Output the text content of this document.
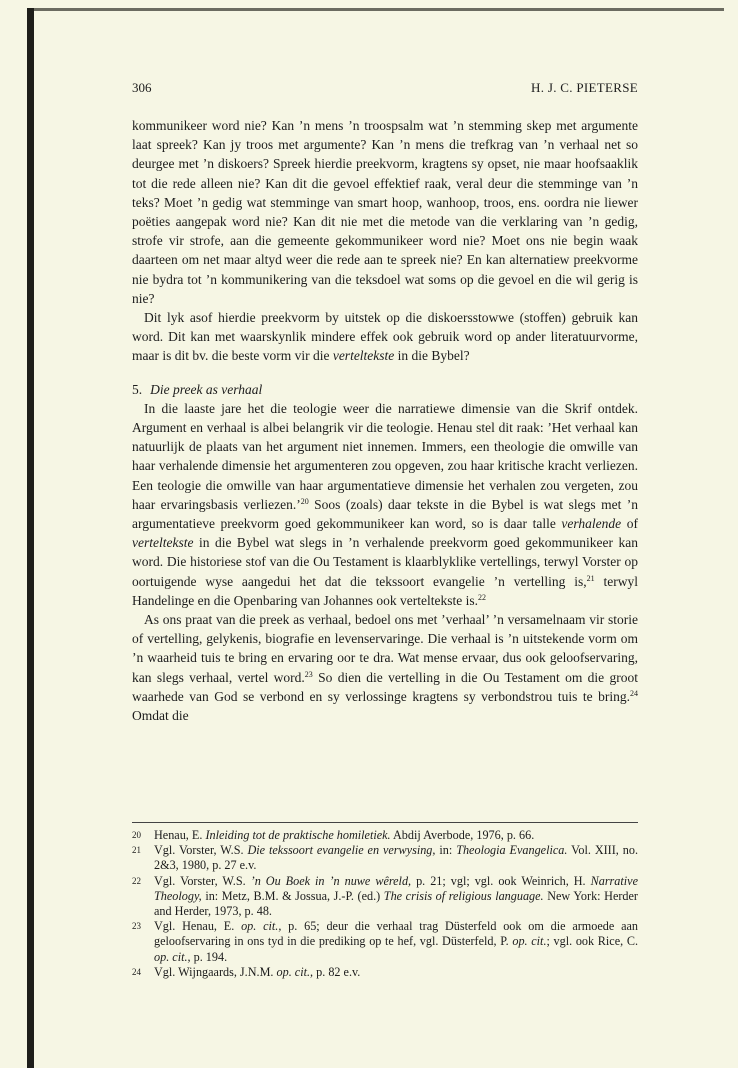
306	H. J. C. PIETERSE

kommunikeer word nie? Kan ’n mens ’n troospsalm wat ’n stemming skep met argumente laat spreek? Kan jy troos met argumente? Kan ’n mens die trefkrag van ’n verhaal net so deurgee met ’n diskoers? Spreek hierdie preekvorm, kragtens sy opset, nie maar hoofsaaklik tot die rede alleen nie? Kan dit die gevoel effektief raak, veral deur die stemminge van ’n teks? Moet ’n gedig wat stemminge van smart hoop, wanhoop, troos, ens. oordra nie liewer poëties aangepak word nie? Kan dit nie met die metode van die verklaring van ’n gedig, strofe vir strofe, aan die gemeente gekommunikeer word nie? Moet ons nie begin waak daarteen om net maar altyd weer die rede aan te spreek nie? En kan alternatiew preekvorme nie bydra tot ’n kommunikering van die teksdoel wat soms op die gevoel en die wil gerig is nie?

Dit lyk asof hierdie preekvorm by uitstek op die diskoersstowwe (stoffen) gebruik kan word. Dit kan met waarskynlik mindere effek ook gebruik word op ander literatuurvorme, maar is dit bv. die beste vorm vir die verteltekste in die Bybel?

5. Die preek as verhaal

In die laaste jare het die teologie weer die narratiewe dimensie van die Skrif ontdek. Argument en verhaal is albei belangrik vir die teologie. Henau stel dit raak: ’Het verhaal kan natuurlijk de plaats van het argument niet innemen. Immers, een theologie die omwille van haar verhalende dimensie het argumenteren zou opgeven, zou haar kritische kracht verliezen. Een teologie die omwille van haar argumentatieve dimensie het verhalen zou vergeten, zou haar ervaringsbasis verliezen.’$^{20}$ Soos (zoals) daar tekste in die Bybel is wat slegs met ’n argumentatieve preekvorm goed gekommunikeer kan word, so is daar talle verhalende of verteltekste in die Bybel wat slegs in ’n verhalende preekvorm goed gekommunikeer kan word. Die historiese stof van die Ou Testament is klaarblyklike vertellings, terwyl Vorster op oortuigende wyse aangedui het dat die tekssoort evangelie ’n vertelling is,$^{21}$ terwyl Handelinge en die Openbaring van Johannes ook verteltekste is.$^{22}$

As ons praat van die preek as verhaal, bedoel ons met ’verhaal’ ’n versamelnaam vir storie of vertelling, gelykenis, biografie en levenservaringe. Die verhaal is ’n uitstekende vorm om ’n waarheid tuis te bring en ervaring oor te dra. Wat mense ervaar, dus ook geloofservaring, kan slegs verhaal, vertel word.$^{23}$ So dien die vertelling in die Ou Testament om die groot waarhede van God se verbond en sy verlossinge kragtens sy verbondstrou tuis te bring.$^{24}$ Omdat die

20 Henau, E. Inleiding tot de praktische homiletiek. Abdij Averbode, 1976, p. 66.

21 Vgl. Vorster, W.S. Die tekssoort evangelie en verwysing, in: Theologia Evangelica. Vol. XIII, no. 2&3, 1980, p. 27 e.v.

22 Vgl. Vorster, W.S. ’n Ou Boek in ’n nuwe wêreld, p. 21; vgl; vgl. ook Weinrich, H. Narrative Theology, in: Metz, B.M. & Jossua, J.-P. (ed.) The crisis of religious language. New York: Herder and Herder, 1973, p. 48.

23 Vgl. Henau, E. op. cit., p. 65; deur die verhaal trag Düsterfeld ook om die armoede aan geloofservaring in ons tyd in die prediking op te hef, vgl. Düsterfeld, P. op. cit.; vgl. ook Rice, C. op. cit., p. 194.

24 Vgl. Wijngaards, J.N.M. op. cit., p. 82 e.v.
